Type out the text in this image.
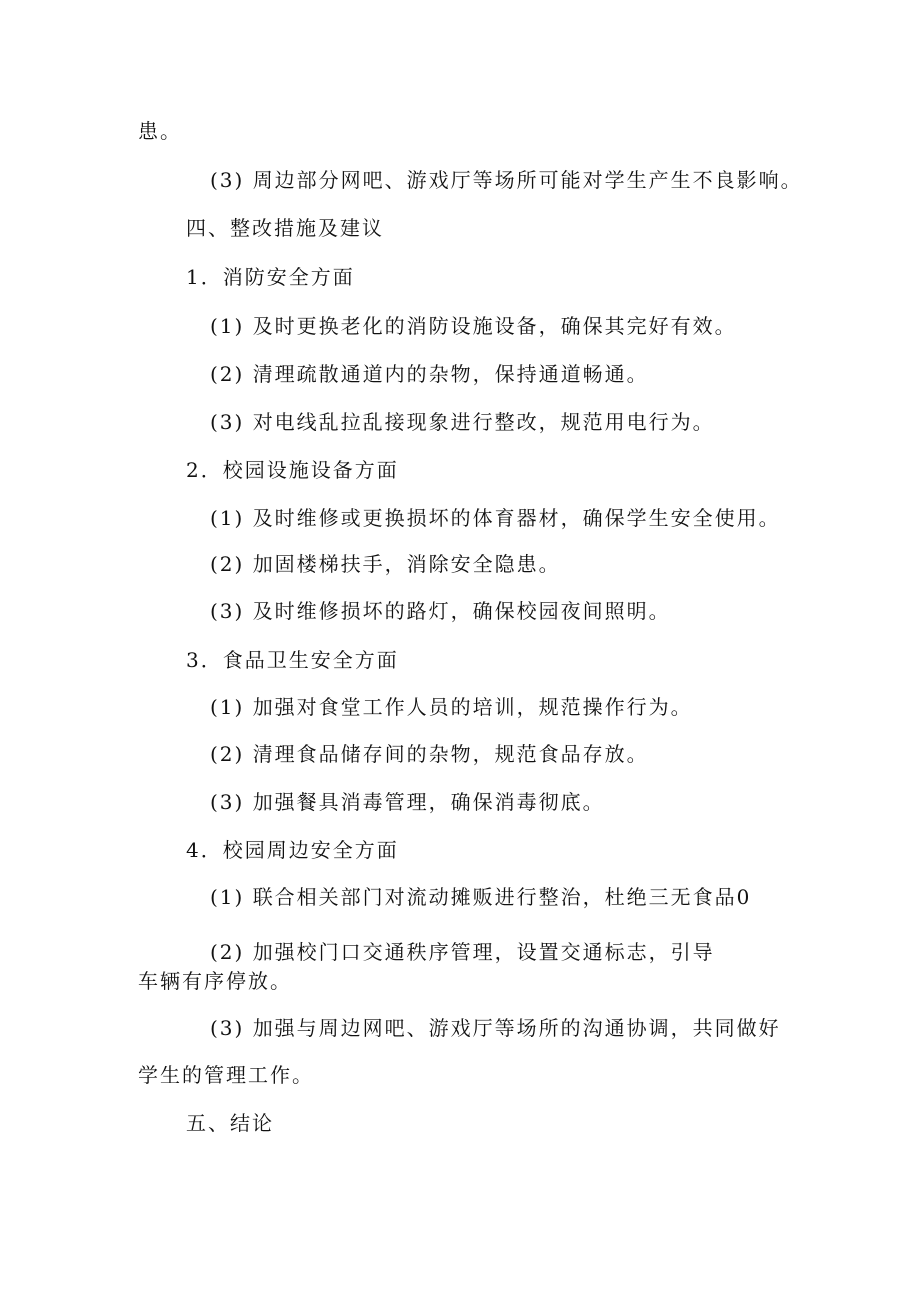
患。
(3) 周边部分网吧、游戏厅等场所可能对学生产生不良影响。
四、整改措施及建议
1．消防安全方面
(1) 及时更换老化的消防设施设备，确保其完好有效。
(2) 清理疏散通道内的杂物，保持通道畅通。
(3) 对电线乱拉乱接现象进行整改，规范用电行为。
2．校园设施设备方面
(1) 及时维修或更换损坏的体育器材，确保学生安全使用。
(2) 加固楼梯扶手，消除安全隐患。
(3) 及时维修损坏的路灯，确保校园夜间照明。
3．食品卫生安全方面
(1) 加强对食堂工作人员的培训，规范操作行为。
(2) 清理食品储存间的杂物，规范食品存放。
(3) 加强餐具消毒管理，确保消毒彻底。
4．校园周边安全方面
(1) 联合相关部门对流动摊贩进行整治，杜绝三无食品0
(2) 加强校门口交通秩序管理，设置交通标志，引导
车辆有序停放。
(3) 加强与周边网吧、游戏厅等场所的沟通协调，共同做好
学生的管理工作。
五、结论
